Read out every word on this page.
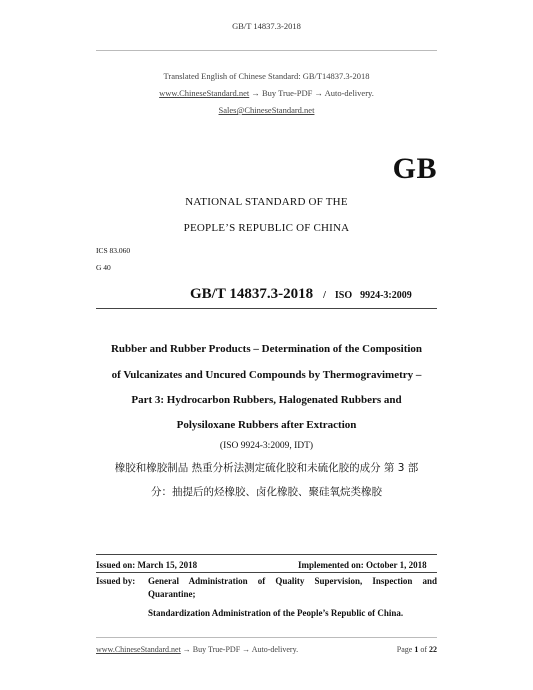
GB/T 14837.3-2018
Translated English of Chinese Standard: GB/T14837.3-2018
www.ChineseStandard.net → Buy True-PDF → Auto-delivery.
Sales@ChineseStandard.net
GB
NATIONAL STANDARD OF THE
PEOPLE’S REPUBLIC OF CHINA
ICS 83.060
G 40
GB/T 14837.3-2018 / ISO 9924-3:2009
Rubber and Rubber Products – Determination of the Composition
of Vulcanizates and Uncured Compounds by Thermogravimetry –
Part 3: Hydrocarbon Rubbers, Halogenated Rubbers and
Polysiloxane Rubbers after Extraction
(ISO 9924-3:2009, IDT)
橡胶和橡胶制品 热重分析法测定硫化胶和未硫化胶的成分 第 3 部
分：抽提后的烃橡胶、卤化橡胶、聚硅氧烷类橡胶
Issued on: March 15, 2018	Implemented on: October 1, 2018
Issued by:	General Administration of Quality Supervision, Inspection and Quarantine;
Standardization Administration of the People’s Republic of China.
www.ChineseStandard.net → Buy True-PDF → Auto-delivery.	Page 1 of 22
